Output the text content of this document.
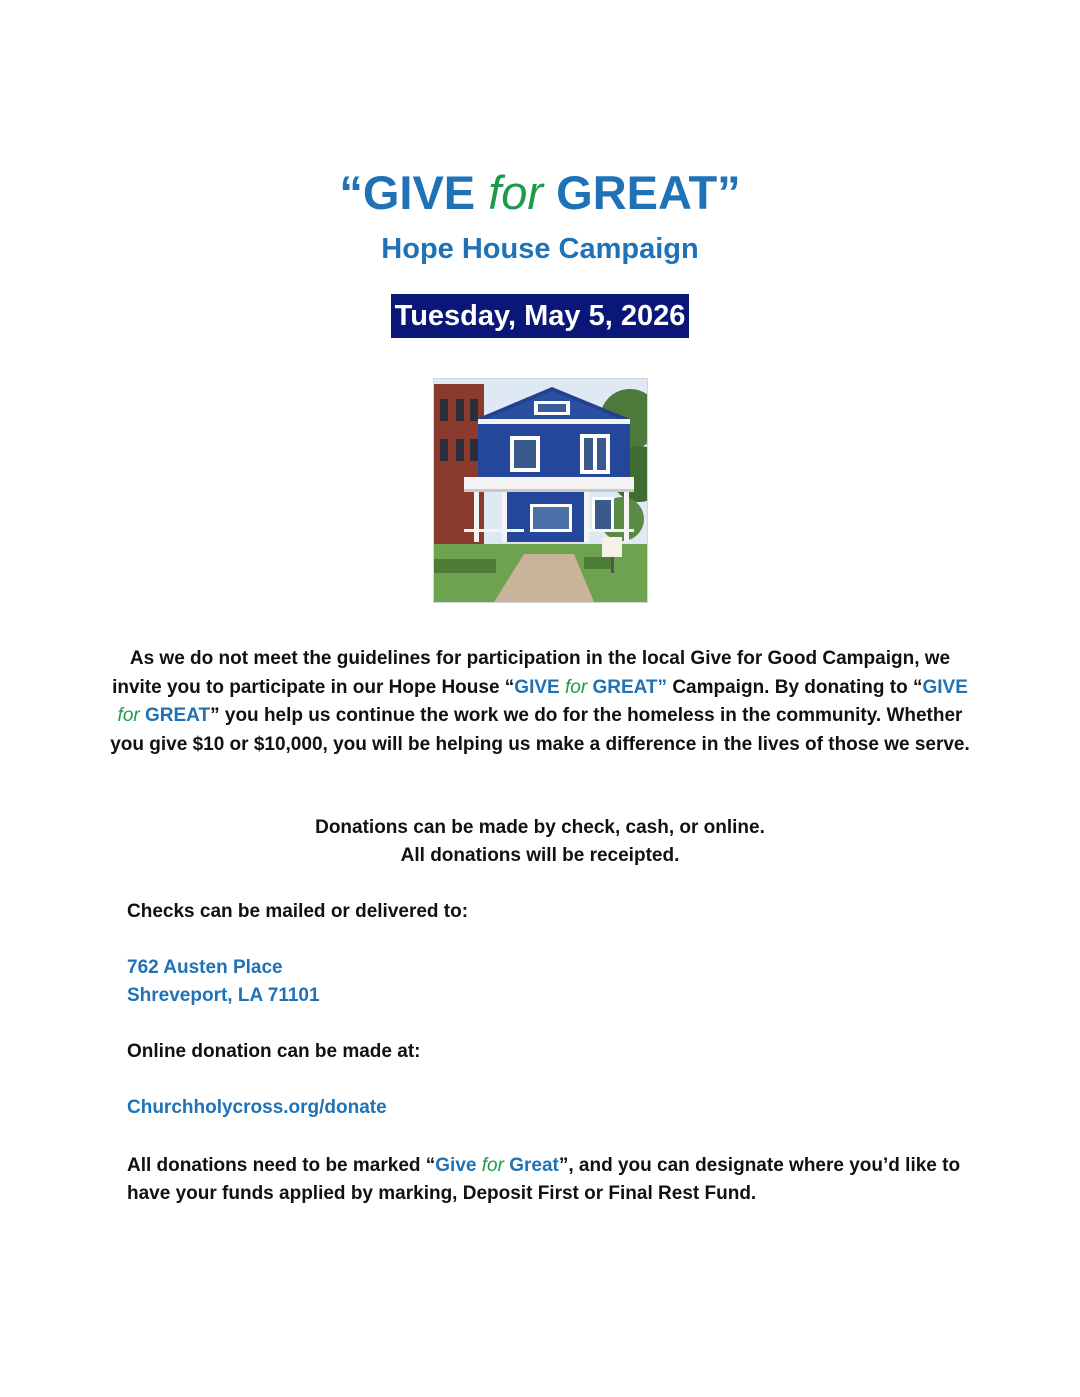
“GIVE for GREAT”
Hope House Campaign
Tuesday, May 5, 2026
As we do not meet the guidelines for participation in the local Give for Good Campaign, we invite you to participate in our Hope House “GIVE for GREAT” Campaign. By donating to “GIVE for GREAT” you help us continue the work we do for the homeless in the community. Whether you give $10 or $10,000, you will be helping us make a difference in the lives of those we serve.
Donations can be made by check, cash, or online.
All donations will be receipted.
Checks can be mailed or delivered to:
762 Austen Place
Shreveport, LA 71101
Online donation can be made at:
Churchholycross.org/donate
All donations need to be marked “Give for Great”, and you can designate where you’d like to have your funds applied by marking, Deposit First or Final Rest Fund.
